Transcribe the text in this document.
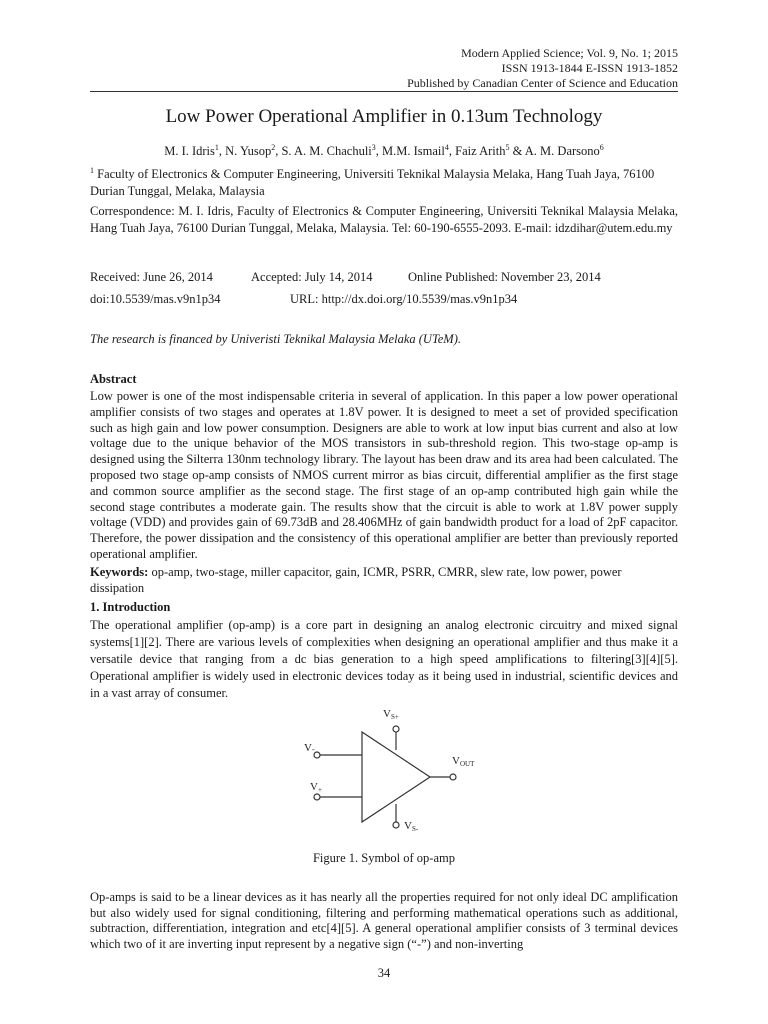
Modern Applied Science; Vol. 9, No. 1; 2015
ISSN 1913-1844 E-ISSN 1913-1852
Published by Canadian Center of Science and Education
Low Power Operational Amplifier in 0.13um Technology
M. I. Idris$^1$, N. Yusop$^2$, S. A. M. Chachuli$^3$, M.M. Ismail$^4$, Faiz Arith$^5$ & A. M. Darsono$^6$
$^1$ Faculty of Electronics & Computer Engineering, Universiti Teknikal Malaysia Melaka, Hang Tuah Jaya, 76100 Durian Tunggal, Melaka, Malaysia
Correspondence: M. I. Idris, Faculty of Electronics & Computer Engineering, Universiti Teknikal Malaysia Melaka, Hang Tuah Jaya, 76100 Durian Tunggal, Melaka, Malaysia. Tel: 60-190-6555-2093. E-mail: idzdihar@utem.edu.my
Received: June 26, 2014	Accepted: July 14, 2014	Online Published: November 23, 2014
doi:10.5539/mas.v9n1p34	URL: http://dx.doi.org/10.5539/mas.v9n1p34
The research is financed by Univeristi Teknikal Malaysia Melaka (UTeM).
Abstract

Low power is one of the most indispensable criteria in several of application. In this paper a low power operational amplifier consists of two stages and operates at 1.8V power. It is designed to meet a set of provided specification such as high gain and low power consumption. Designers are able to work at low input bias current and also at low voltage due to the unique behavior of the MOS transistors in sub-threshold region. This two-stage op-amp is designed using the Silterra 130nm technology library. The layout has been draw and its area had been calculated. The proposed two stage op-amp consists of NMOS current mirror as bias circuit, differential amplifier as the first stage and common source amplifier as the second stage. The first stage of an op-amp contributed high gain while the second stage contributes a moderate gain. The results show that the circuit is able to work at 1.8V power supply voltage (VDD) and provides gain of 69.73dB and 28.406MHz of gain bandwidth product for a load of 2pF capacitor. Therefore, the power dissipation and the consistency of this operational amplifier are better than previously reported operational amplifier.

Keywords: op-amp, two-stage, miller capacitor, gain, ICMR, PSRR, CMRR, slew rate, low power, power dissipation

1. Introduction

The operational amplifier (op-amp) is a core part in designing an analog electronic circuitry and mixed signal systems[1][2]. There are various levels of complexities when designing an operational amplifier and thus make it a versatile device that ranging from a dc bias generation to a high speed amplifications to filtering[3][4][5]. Operational amplifier is widely used in electronic devices today as it being used in industrial, scientific devices and in a vast array of consumer.

VS+
V-
V+
VOUT
VS-
Figure 1. Symbol of op-amp

Op-amps is said to be a linear devices as it has nearly all the properties required for not only ideal DC amplification but also widely used for signal conditioning, filtering and performing mathematical operations such as additional, subtraction, differentiation, integration and etc[4][5]. A general operational amplifier consists of 3 terminal devices which two of it are inverting input represent by a negative sign (“-”) and non-inverting

34
